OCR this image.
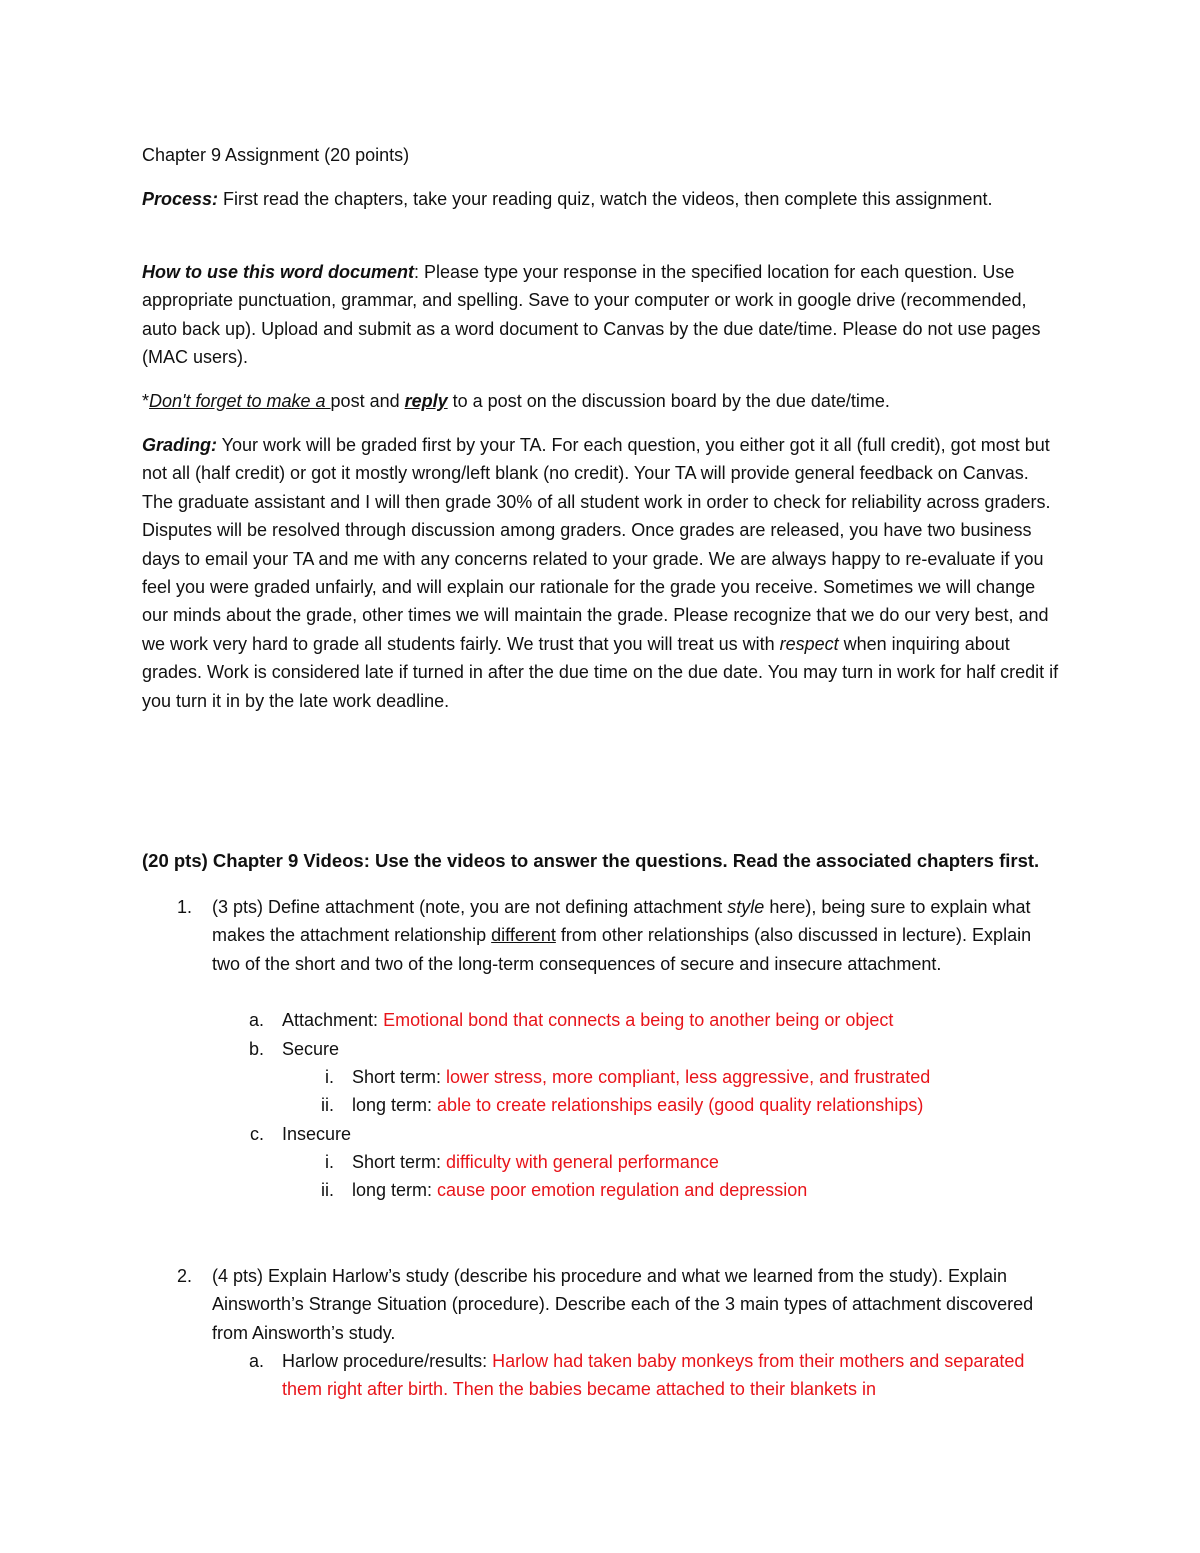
Chapter 9 Assignment (20 points)
Process: First read the chapters, take your reading quiz, watch the videos, then complete this assignment.
How to use this word document: Please type your response in the specified location for each question. Use appropriate punctuation, grammar, and spelling. Save to your computer or work in google drive (recommended, auto back up). Upload and submit as a word document to Canvas by the due date/time. Please do not use pages (MAC users).
*Don't forget to make a post and reply to a post on the discussion board by the due date/time.
Grading: Your work will be graded first by your TA. For each question, you either got it all (full credit), got most but not all (half credit) or got it mostly wrong/left blank (no credit). Your TA will provide general feedback on Canvas. The graduate assistant and I will then grade 30% of all student work in order to check for reliability across graders. Disputes will be resolved through discussion among graders. Once grades are released, you have two business days to email your TA and me with any concerns related to your grade. We are always happy to re-evaluate if you feel you were graded unfairly, and will explain our rationale for the grade you receive. Sometimes we will change our minds about the grade, other times we will maintain the grade. Please recognize that we do our very best, and we work very hard to grade all students fairly. We trust that you will treat us with respect when inquiring about grades. Work is considered late if turned in after the due time on the due date. You may turn in work for half credit if you turn it in by the late work deadline.
(20 pts) Chapter 9 Videos: Use the videos to answer the questions. Read the associated chapters first.
1. (3 pts) Define attachment (note, you are not defining attachment style here), being sure to explain what makes the attachment relationship different from other relationships (also discussed in lecture). Explain two of the short and two of the long-term consequences of secure and insecure attachment.
a. Attachment: Emotional bond that connects a being to another being or object
b. Secure
i. Short term: lower stress, more compliant, less aggressive, and frustrated
ii. long term: able to create relationships easily (good quality relationships)
c. Insecure
i. Short term: difficulty with general performance
ii. long term: cause poor emotion regulation and depression
2. (4 pts) Explain Harlow’s study (describe his procedure and what we learned from the study). Explain Ainsworth’s Strange Situation (procedure). Describe each of the 3 main types of attachment discovered from Ainsworth’s study.
a. Harlow procedure/results: Harlow had taken baby monkeys from their mothers and separated them right after birth. Then the babies became attached to their blankets in
